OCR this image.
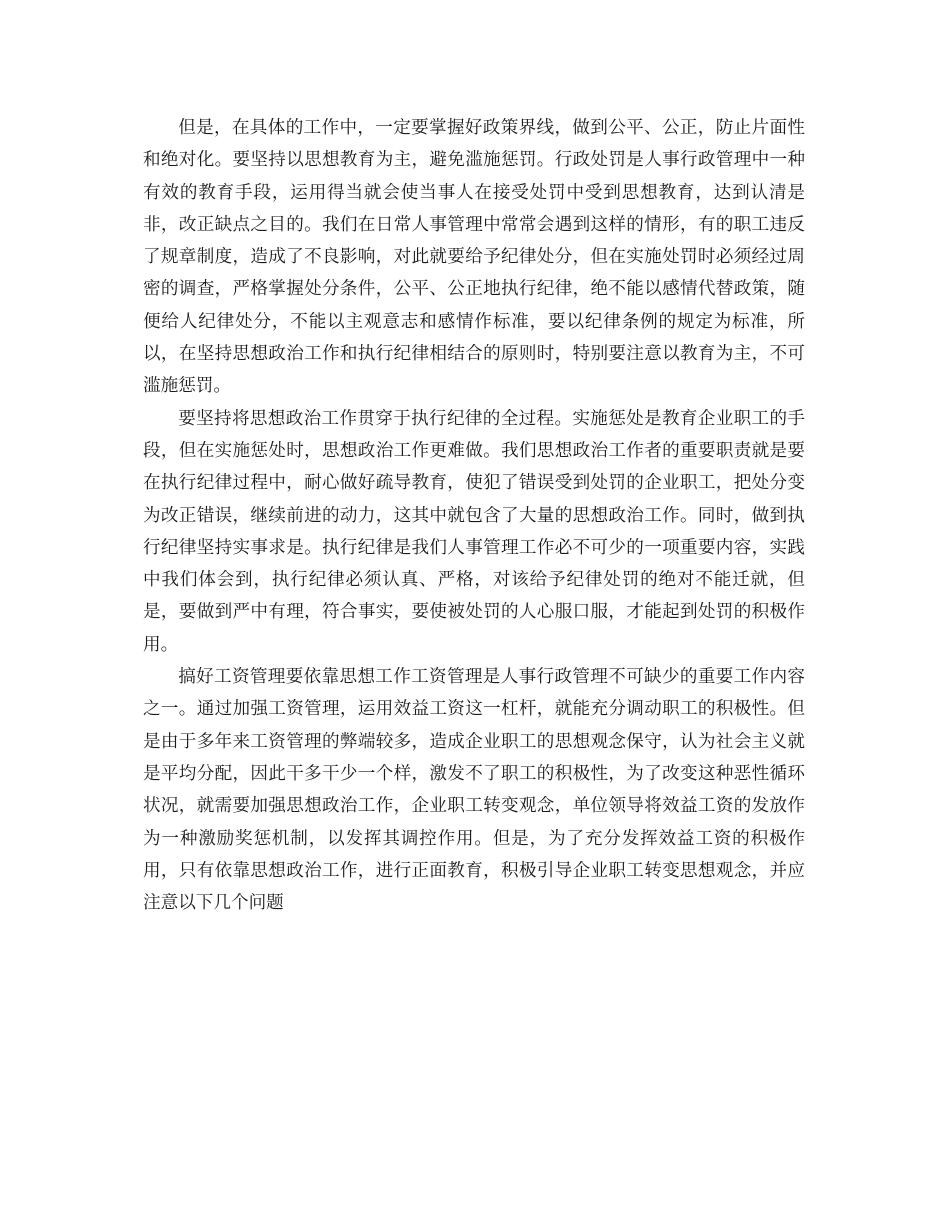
但是，在具体的工作中，一定要掌握好政策界线，做到公平、公正，防止片面性和绝对化。要坚持以思想教育为主，避免滥施惩罚。行政处罚是人事行政管理中一种有效的教育手段，运用得当就会使当事人在接受处罚中受到思想教育，达到认清是非，改正缺点之目的。我们在日常人事管理中常常会遇到这样的情形，有的职工违反了规章制度，造成了不良影响，对此就要给予纪律处分，但在实施处罚时必须经过周密的调查，严格掌握处分条件，公平、公正地执行纪律，绝不能以感情代替政策，随便给人纪律处分，不能以主观意志和感情作标准，要以纪律条例的规定为标准，所以，在坚持思想政治工作和执行纪律相结合的原则时，特别要注意以教育为主，不可滥施惩罚。

要坚持将思想政治工作贯穿于执行纪律的全过程。实施惩处是教育企业职工的手段，但在实施惩处时，思想政治工作更难做。我们思想政治工作者的重要职责就是要在执行纪律过程中，耐心做好疏导教育，使犯了错误受到处罚的企业职工，把处分变为改正错误，继续前进的动力，这其中就包含了大量的思想政治工作。同时，做到执行纪律坚持实事求是。执行纪律是我们人事管理工作必不可少的一项重要内容，实践中我们体会到，执行纪律必须认真、严格，对该给予纪律处罚的绝对不能迁就，但是，要做到严中有理，符合事实，要使被处罚的人心服口服，才能起到处罚的积极作用。

搞好工资管理要依靠思想工作工资管理是人事行政管理不可缺少的重要工作内容之一。通过加强工资管理，运用效益工资这一杠杆，就能充分调动职工的积极性。但是由于多年来工资管理的弊端较多，造成企业职工的思想观念保守，认为社会主义就是平均分配，因此干多干少一个样，激发不了职工的积极性，为了改变这种恶性循环状况，就需要加强思想政治工作，企业职工转变观念，单位领导将效益工资的发放作为一种激励奖惩机制，以发挥其调控作用。但是，为了充分发挥效益工资的积极作用，只有依靠思想政治工作，进行正面教育，积极引导企业职工转变思想观念，并应注意以下几个问题
